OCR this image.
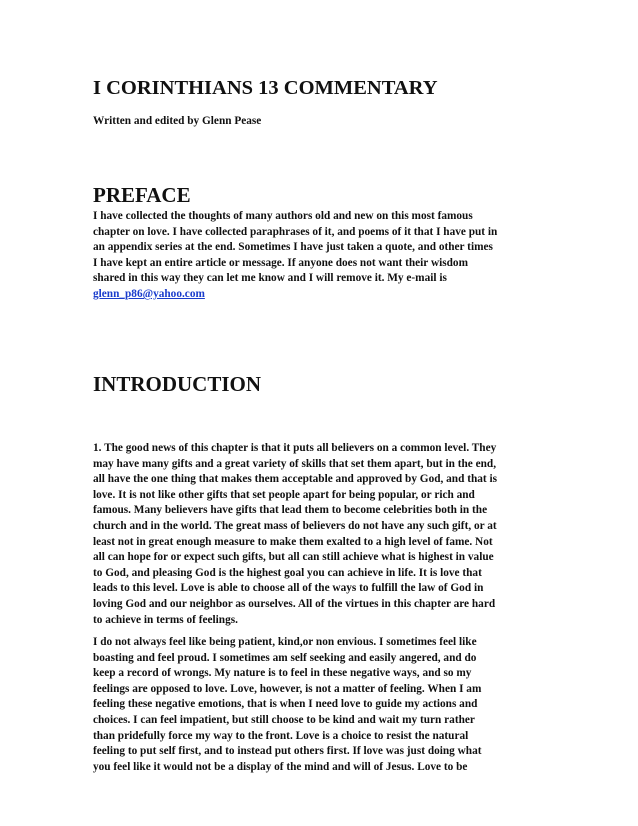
I CORINTHIANS 13 COMMENTARY

Written and edited by Glenn Pease

PREFACE

I have collected the thoughts of many authors old and new on this most famous
chapter on love. I have collected paraphrases of it, and poems of it that I have put in
an appendix series at the end. Sometimes I have just taken a quote, and other times
I have kept an entire article or message. If anyone does not want their wisdom
shared in this way they can let me know and I will remove it. My e-mail is
glenn_p86@yahoo.com

INTRODUCTION

1. The good news of this chapter is that it puts all believers on a common level. They
may have many gifts and a great variety of skills that set them apart, but in the end,
all have the one thing that makes them acceptable and approved by God, and that is
love. It is not like other gifts that set people apart for being popular, or rich and
famous. Many believers have gifts that lead them to become celebrities both in the
church and in the world. The great mass of believers do not have any such gift, or at
least not in great enough measure to make them exalted to a high level of fame. Not
all can hope for or expect such gifts, but all can still achieve what is highest in value
to God, and pleasing God is the highest goal you can achieve in life. It is love that
leads to this level. Love is able to choose all of the ways to fulfill the law of God in
loving God and our neighbor as ourselves. All of the virtues in this chapter are hard
to achieve in terms of feelings.

I do not always feel like being patient, kind,or non envious. I sometimes feel like
boasting and feel proud. I sometimes am self seeking and easily angered, and do
keep a record of wrongs. My nature is to feel in these negative ways, and so my
feelings are opposed to love. Love, however, is not a matter of feeling. When I am
feeling these negative emotions, that is when I need love to guide my actions and
choices. I can feel impatient, but still choose to be kind and wait my turn rather
than pridefully force my way to the front. Love is a choice to resist the natural
feeling to put self first, and to instead put others first. If love was just doing what
you feel like it would not be a display of the mind and will of Jesus. Love to be
